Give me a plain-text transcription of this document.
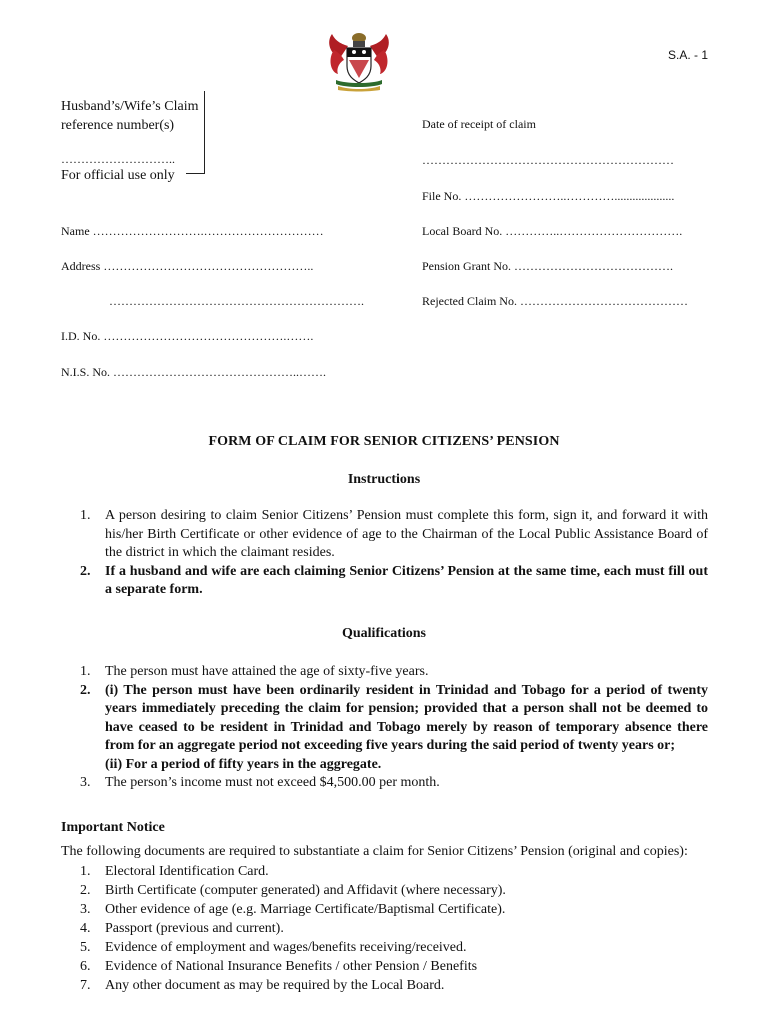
S.A. - 1
Husband’s/Wife’s Claim
reference number(s)
………………………..
For official use only
Name ……………………….…………………………
Address ……………………………………………..
……………………………………………………….
I.D. No. ……………………………………….…….
N.I.S. No. ………………………………………..…….
Date of receipt of claim
………………………………………………………
File No. ……………………..…………....................
Local Board No. …………..………………………….
Pension Grant No. ………………………………….
Rejected Claim No. ……………………………………
FORM OF CLAIM FOR SENIOR CITIZENS’ PENSION
Instructions
1.	A person desiring to claim Senior Citizens’ Pension must complete this form, sign it, and forward it with his/her Birth Certificate or other evidence of age to the Chairman of the Local Public Assistance Board of the district in which the claimant resides.
2.	If a husband and wife are each claiming Senior Citizens’ Pension at the same time, each must fill out a separate form.
Qualifications
1.	The person must have attained the age of sixty-five years.
2.	(i) The person must have been ordinarily resident in Trinidad and Tobago for a period of twenty years immediately preceding the claim for pension; provided that a person shall not be deemed to have ceased to be resident in Trinidad and Tobago merely by reason of temporary absence there from for an aggregate period not exceeding five years during the said period of twenty years or;
(ii) For a period of fifty years in the aggregate.
3.	The person’s income must not exceed $4,500.00 per month.
Important Notice
The following documents are required to substantiate a claim for Senior Citizens’ Pension (original and copies):
1. Electoral Identification Card.
2. Birth Certificate (computer generated) and Affidavit (where necessary).
3. Other evidence of age (e.g. Marriage Certificate/Baptismal Certificate).
4. Passport (previous and current).
5. Evidence of employment and wages/benefits receiving/received.
6. Evidence of National Insurance Benefits / other Pension / Benefits
7. Any other document as may be required by the Local Board.
